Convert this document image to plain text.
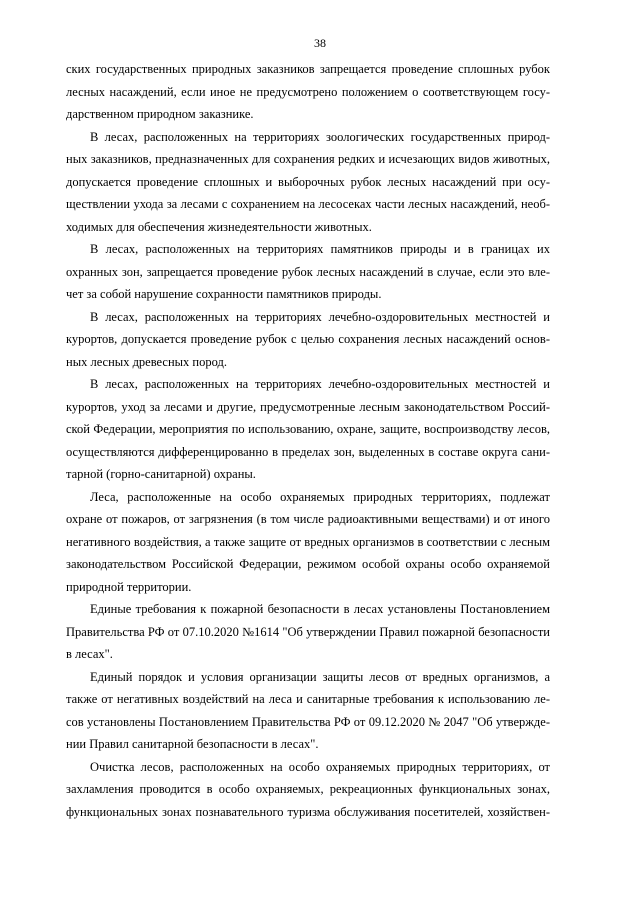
38
ских государственных природных заказников запрещается проведение сплошных рубок
лесных насаждений, если иное не предусмотрено положением о соответствующем госу-
дарственном природном заказнике.
В лесах, расположенных на территориях зоологических государственных природ-
ных заказников, предназначенных для сохранения редких и исчезающих видов животных,
допускается проведение сплошных и выборочных рубок лесных насаждений при осу-
ществлении ухода за лесами с сохранением на лесосеках части лесных насаждений, необ-
ходимых для обеспечения жизнедеятельности животных.
В лесах, расположенных на территориях памятников природы и в границах их
охранных зон, запрещается проведение рубок лесных насаждений в случае, если это вле-
чет за собой нарушение сохранности памятников природы.
В лесах, расположенных на территориях лечебно-оздоровительных местностей и
курортов, допускается проведение рубок с целью сохранения лесных насаждений основ-
ных лесных древесных пород.
В лесах, расположенных на территориях лечебно-оздоровительных местностей и
курортов, уход за лесами и другие, предусмотренные лесным законодательством Россий-
ской Федерации, мероприятия по использованию, охране, защите, воспроизводству лесов,
осуществляются дифференцированно в пределах зон, выделенных в составе округа сани-
тарной (горно-санитарной) охраны.
Леса, расположенные на особо охраняемых природных территориях, подлежат
охране от пожаров, от загрязнения (в том числе радиоактивными веществами) и от иного
негативного воздействия, а также защите от вредных организмов в соответствии с лесным
законодательством Российской Федерации, режимом особой охраны особо охраняемой
природной территории.
Единые требования к пожарной безопасности в лесах установлены Постановлением
Правительства РФ от 07.10.2020 №1614 "Об утверждении Правил пожарной безопасности
в лесах".
Единый порядок и условия организации защиты лесов от вредных организмов, а
также от негативных воздействий на леса и санитарные требования к использованию ле-
сов установлены Постановлением Правительства РФ от 09.12.2020 № 2047 "Об утвержде-
нии Правил санитарной безопасности в лесах".
Очистка лесов, расположенных на особо охраняемых природных территориях, от
захламления проводится в особо охраняемых, рекреационных функциональных зонах,
функциональных зонах познавательного туризма обслуживания посетителей, хозяйствен-
